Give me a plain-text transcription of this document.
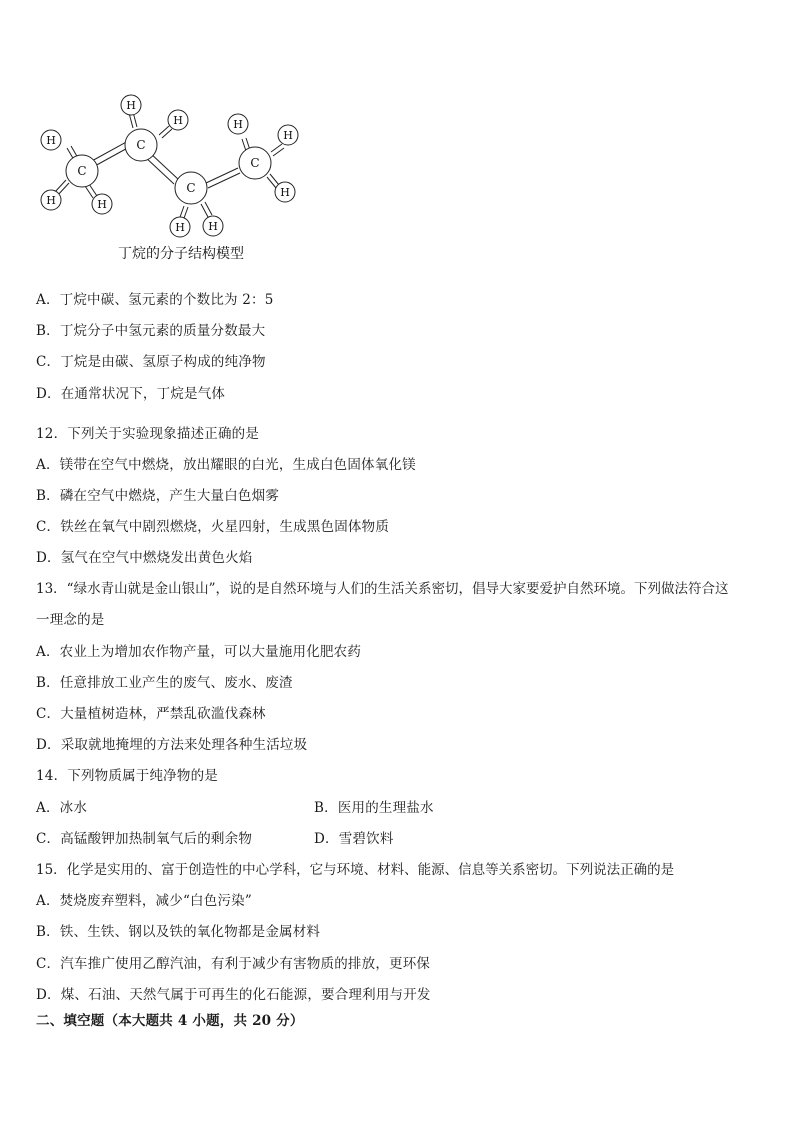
C
C
C
C
H
H	H
H
H
H H
H
H
H
丁烷的分子结构模型
A．丁烷中碳、氢元素的个数比为 2：5
B．丁烷分子中氢元素的质量分数最大
C．丁烷是由碳、氢原子构成的纯净物
D．在通常状况下，丁烷是气体
12．下列关于实验现象描述正确的是
A．镁带在空气中燃烧，放出耀眼的白光，生成白色固体氧化镁
B．磷在空气中燃烧，产生大量白色烟雾
C．铁丝在氧气中剧烈燃烧，火星四射，生成黑色固体物质
D．氢气在空气中燃烧发出黄色火焰
13．“绿水青山就是金山银山”，说的是自然环境与人们的生活关系密切，倡导大家要爱护自然环境。下列做法符合这
一理念的是
A．农业上为增加农作物产量，可以大量施用化肥农药
B．任意排放工业产生的废气、废水、废渣
C．大量植树造林，严禁乱砍滥伐森林
D．采取就地掩埋的方法来处理各种生活垃圾
14．下列物质属于纯净物的是
A．冰水	B．医用的生理盐水
C．高锰酸钾加热制氧气后的剩余物	D．雪碧饮料
15．化学是实用的、富于创造性的中心学科，它与环境、材料、能源、信息等关系密切。下列说法正确的是
A．焚烧废弃塑料，减少“白色污染”
B．铁、生铁、钢以及铁的氧化物都是金属材料
C．汽车推广使用乙醇汽油，有利于减少有害物质的排放，更环保
D．煤、石油、天然气属于可再生的化石能源，要合理利用与开发
二、填空题（本大题共 4 小题，共 20 分）
